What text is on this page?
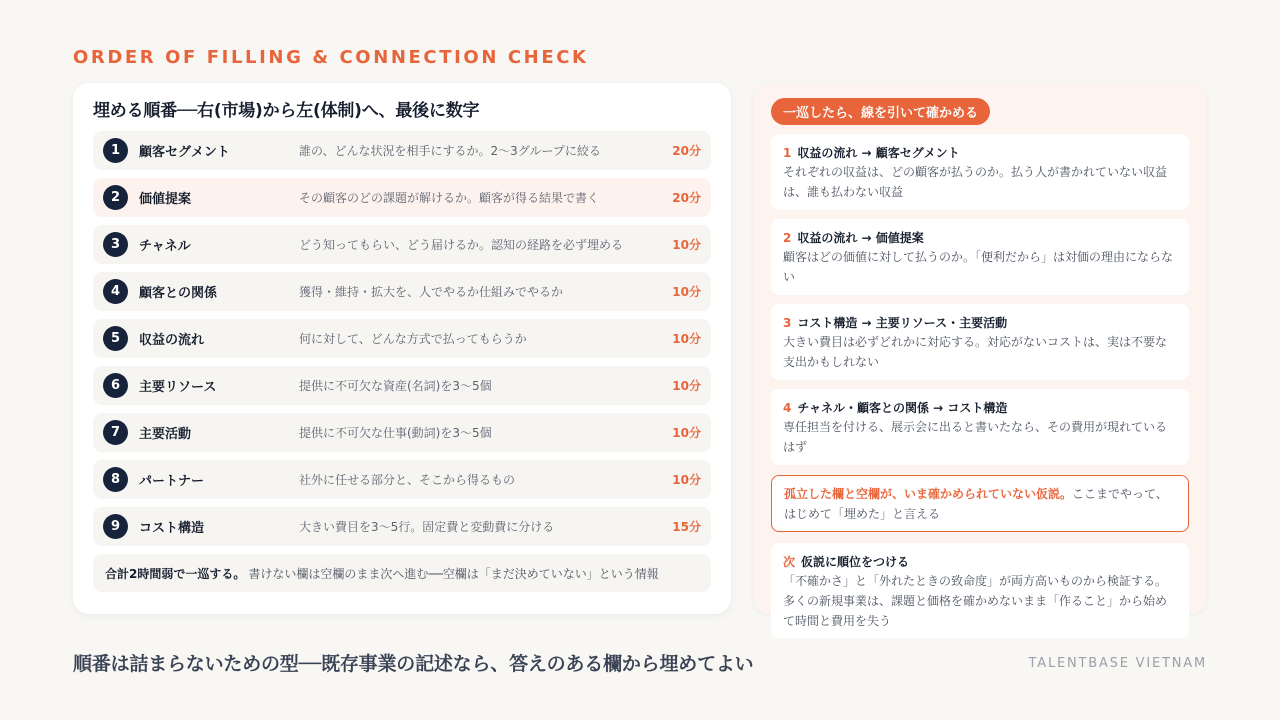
ORDER OF FILLING & CONNECTION CHECK
埋める順番──右(市場)から左(体制)へ、最後に数字
1	顧客セグメント	誰の、どんな状況を相手にするか。2〜3グループに絞る	20分
2	価値提案	その顧客のどの課題が解けるか。顧客が得る結果で書く	20分
3	チャネル	どう知ってもらい、どう届けるか。認知の経路を必ず埋める	10分
4	顧客との関係	獲得・維持・拡大を、人でやるか仕組みでやるか	10分
5	収益の流れ	何に対して、どんな方式で払ってもらうか	10分
6	主要リソース	提供に不可欠な資産(名詞)を3〜5個	10分
7	主要活動	提供に不可欠な仕事(動詞)を3〜5個	10分
8	パートナー	社外に任せる部分と、そこから得るもの	10分
9	コスト構造	大きい費目を3〜5行。固定費と変動費に分ける	15分
合計2時間弱で一巡する。 書けない欄は空欄のまま次へ進む──空欄は「まだ決めていない」という情報
一巡したら、線を引いて確かめる
1 収益の流れ → 顧客セグメント
それぞれの収益は、どの顧客が払うのか。払う人が書かれていない収益は、誰も払わない収益
2 収益の流れ → 価値提案
顧客はどの価値に対して払うのか。「便利だから」は対価の理由にならない
3 コスト構造 → 主要リソース・主要活動
大きい費目は必ずどれかに対応する。対応がないコストは、実は不要な支出かもしれない
4 チャネル・顧客との関係 → コスト構造
専任担当を付ける、展示会に出ると書いたなら、その費用が現れているはず
孤立した欄と空欄が、いま確かめられていない仮説。ここまでやって、はじめて「埋めた」と言える
次 仮説に順位をつける
「不確かさ」と「外れたときの致命度」が両方高いものから検証する。多くの新規事業は、課題と価格を確かめないまま「作ること」から始めて時間と費用を失う
順番は詰まらないための型──既存事業の記述なら、答えのある欄から埋めてよい	TALENTBASE VIETNAM
